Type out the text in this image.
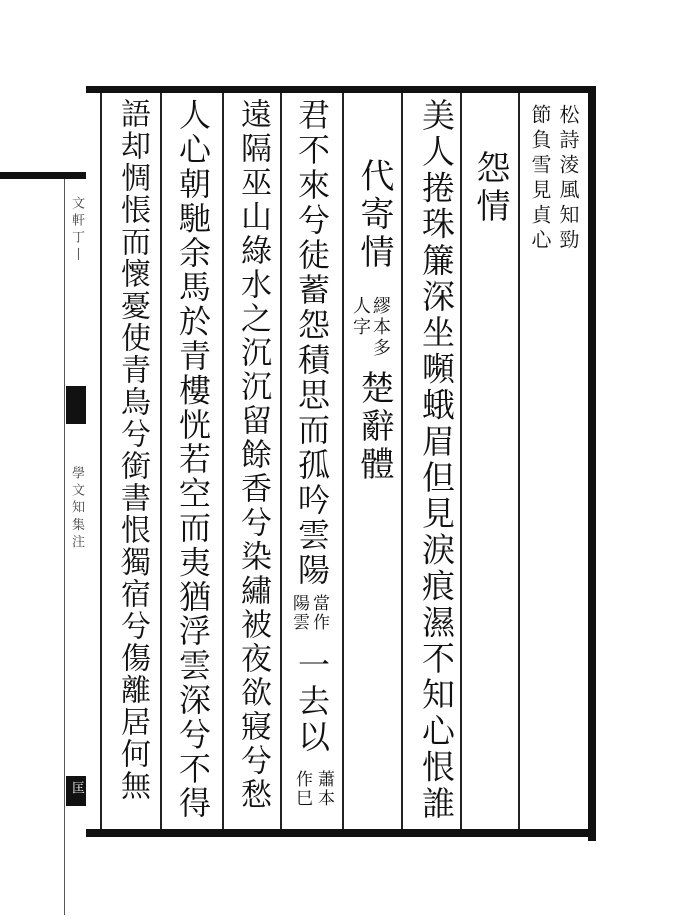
文 軒 丁 丨
學 文 知 集 注
匡
松詩淩風知勁
節負雪見貞心
怨情
美人捲珠簾深坐嚬蛾眉但見淚痕濕不知心恨誰
代寄情
繆本多
人字
楚辭體
君不來兮徒蓄怨積思而孤吟雲陽
當作
陽雲
一去以
蕭本
作巳
遠隔巫山綠水之沉沉留餘香兮染繡被夜欲寢兮愁
人心朝馳余馬於青樓恍若空而夷猶浮雲深兮不得
語却惆悵而懷憂使青鳥兮銜書恨獨宿兮傷離居何無
